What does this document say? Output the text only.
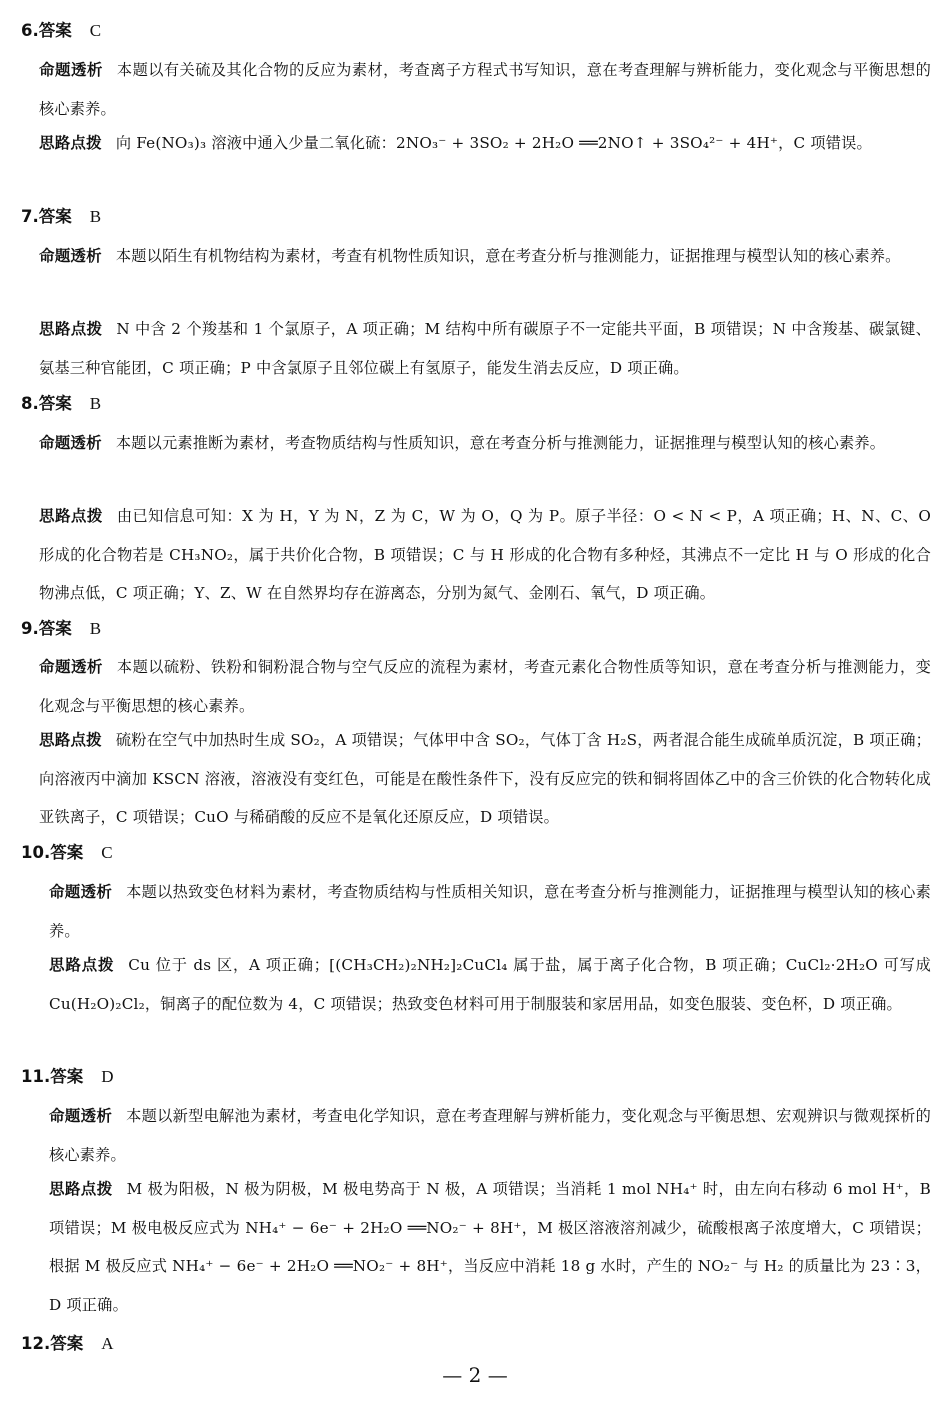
6.答案 C

命题透析 本题以有关硫及其化合物的反应为素材，考查离子方程式书写知识，意在考查理解与辨析能力，变化观念与平衡思想的核心素养。

思路点拨 向 Fe(NO₃)₃ 溶液中通入少量二氧化硫：2NO₃⁻ + 3SO₂ + 2H₂O ══2NO↑ + 3SO₄²⁻ + 4H⁺，C 项错误。

7.答案 B

命题透析 本题以陌生有机物结构为素材，考查有机物性质知识，意在考查分析与推测能力，证据推理与模型认知的核心素养。

思路点拨 N 中含 2 个羧基和 1 个氯原子，A 项正确；M 结构中所有碳原子不一定能共平面，B 项错误；N 中含羧基、碳氯键、氨基三种官能团，C 项正确；P 中含氯原子且邻位碳上有氢原子，能发生消去反应，D 项正确。

8.答案 B

命题透析 本题以元素推断为素材，考查物质结构与性质知识，意在考查分析与推测能力，证据推理与模型认知的核心素养。

思路点拨 由已知信息可知：X 为 H，Y 为 N，Z 为 C，W 为 O，Q 为 P。原子半径：O < N < P，A 项正确；H、N、C、O 形成的化合物若是 CH₃NO₂，属于共价化合物，B 项错误；C 与 H 形成的化合物有多种烃，其沸点不一定比 H 与 O 形成的化合物沸点低，C 项正确；Y、Z、W 在自然界均存在游离态，分别为氮气、金刚石、氧气，D 项正确。

9.答案 B

命题透析 本题以硫粉、铁粉和铜粉混合物与空气反应的流程为素材，考查元素化合物性质等知识，意在考查分析与推测能力，变化观念与平衡思想的核心素养。

思路点拨 硫粉在空气中加热时生成 SO₂，A 项错误；气体甲中含 SO₂，气体丁含 H₂S，两者混合能生成硫单质沉淀，B 项正确；向溶液丙中滴加 KSCN 溶液，溶液没有变红色，可能是在酸性条件下，没有反应完的铁和铜将固体乙中的含三价铁的化合物转化成亚铁离子，C 项错误；CuO 与稀硝酸的反应不是氧化还原反应，D 项错误。

10.答案 C

命题透析 本题以热致变色材料为素材，考查物质结构与性质相关知识，意在考查分析与推测能力，证据推理与模型认知的核心素养。

思路点拨 Cu 位于 ds 区，A 项正确；[(CH₃CH₂)₂NH₂]₂CuCl₄ 属于盐，属于离子化合物，B 项正确；CuCl₂·2H₂O 可写成 Cu(H₂O)₂Cl₂，铜离子的配位数为 4，C 项错误；热致变色材料可用于制服装和家居用品，如变色服装、变色杯，D 项正确。

11.答案 D

命题透析 本题以新型电解池为素材，考查电化学知识，意在考查理解与辨析能力，变化观念与平衡思想、宏观辨识与微观探析的核心素养。

思路点拨 M 极为阳极，N 极为阴极，M 极电势高于 N 极，A 项错误；当消耗 1 mol NH₄⁺ 时，由左向右移动 6 mol H⁺，B 项错误；M 极电极反应式为 NH₄⁺ − 6e⁻ + 2H₂O ══NO₂⁻ + 8H⁺，M 极区溶液溶剂减少，硫酸根离子浓度增大，C 项错误；根据 M 极反应式 NH₄⁺ − 6e⁻ + 2H₂O ══NO₂⁻ + 8H⁺，当反应中消耗 18 g 水时，产生的 NO₂⁻ 与 H₂ 的质量比为 23∶3，D 项正确。

12.答案 A
— 2 —
